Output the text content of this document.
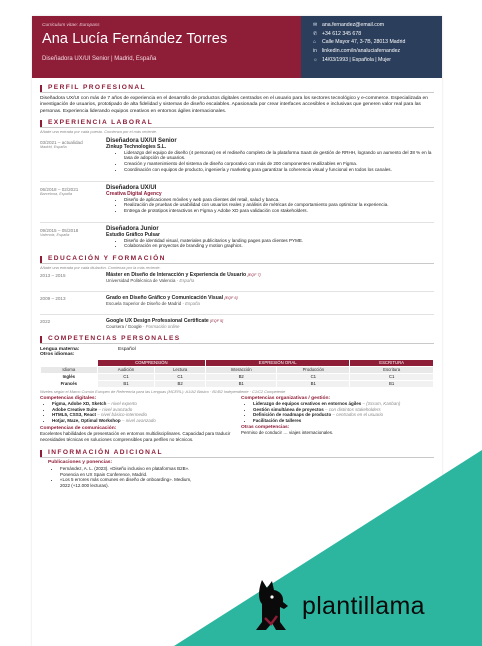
Curriculum vitae: Europass
Ana Lucía Fernández Torres
Diseñadora UX/UI Senior | Madrid, España
✉ ana.fernandez@email.com
✆ +34 612 345 678
⌂	Calle Mayor 47, 3-7B, 28013 Madrid
in linkedin.com/in/analuciafernandez
☼ 14/03/1993 | Española | Mujer
PERFIL PROFESIONAL
Diseñadora UX/UI con más de 7 años de experiencia en el desarrollo de productos digitales centrados en el usuario para los sectores tecnológico y e-commerce. Especializada en investigación de usuarios, prototipado de alta fidelidad y sistemas de diseño escalables. Apasionada por crear interfaces accesibles e inclusivas que generen valor real para las personas. Experiencia liderando equipos creativos en entornos ágiles internacionales.
EXPERIENCIA LABORAL
Añade una entrada por cada puesto. Comienza por el más reciente.
03/2021 – actualidad
Madrid, España
Diseñadora UX/UI Senior
Zinkup Technologies S.L.
• Liderazgo del equipo de diseño (4 personas) en el rediseño completo de la plataforma SaaS de gestión de RRHH, logrando un aumento del 38 % en la tasa de adopción de usuarios.
• Creación y mantenimiento del sistema de diseño corporativo con más de 200 componentes reutilizables en Figma.
• Coordinación con equipos de producto, ingeniería y marketing para garantizar la coherencia visual y funcional en todos los canales.
06/2018 – 02/2021
Barcelona, España
Diseñadora UX/UI
Creativa Digital Agency
• Diseño de aplicaciones móviles y web para clientes del retail, salud y banca.
• Realización de pruebas de usabilidad con usuarios reales y análisis de métricas de comportamiento para optimizar la experiencia.
• Entrega de prototipos interactivos en Figma y Adobe XD para validación con stakeholders.
09/2015 – 05/2018
Valencia, España
Diseñadora Junior
Estudio Gráfico Pulsar
• Diseño de identidad visual, materiales publicitarios y landing pages para clientes PYME.
• Colaboración en proyectos de branding y motion graphics.
EDUCACIÓN Y FORMACIÓN
Añade una entrada por cada titulación. Comienza por la más reciente.
2013 – 2015	Máster en Diseño de Interacción y Experiencia de Usuario [EQF 7]
Universidad Politécnica de Valencia · España
2009 – 2013	Grado en Diseño Gráfico y Comunicación Visual [EQF 6]
Escuela Superior de Diseño de Madrid · España
2022	Google UX Design Professional Certificate [EQF 5]
Coursera / Google · Formación online
COMPETENCIAS PERSONALES
Lengua materna:	Español
Otros idiomas:
	COMPRENSIÓN		EXPRESIÓN ORAL		ESCRITURA
Idioma	Audición	Lectura	Interacción	Producción	Escritura
Inglés	C1	C1	B2	C1	C1
Francés	B1	B2	B1	B1	B1
Niveles según el Marco Común Europeo de Referencia para las Lenguas (MCERL): A1/A2 Básico · B1/B2 Independiente · C1/C2 Competente
Competencias digitales:
• Figma, Adobe XD, Sketch – nivel experto
• Adobe Creative Suite – nivel avanzado
• HTML5, CSS3, React – nivel básico-intermedio
• Hotjar, Maze, Optimal Workshop – nivel avanzado
Competencias de comunicación:
Excelentes habilidades de presentación en entornos multidisciplinares. Capacidad para traducir necesidades técnicas en soluciones comprensibles para perfiles no técnicos.
Competencias organizativas / gestión:
• Liderazgo de equipos creativos en entornos ágiles – (Scrum, Kanban)
• Gestión simultánea de proyectos – con distintos stakeholders
• Definición de roadmaps de producto – centrados en el usuario
• Facilitación de talleres
Otras competencias:
Permiso de conducir … viajes internacionales.
INFORMACIÓN ADICIONAL
Publicaciones y ponencias:
• Fernández, A. L. (2023). «Diseño inclusivo en plataformas B2B». Ponencia en UX Spain Conference, Madrid.
• «Los 5 errores más comunes en diseño de onboarding». Medium, 2022 (+12.000 lecturas).
plantillama
